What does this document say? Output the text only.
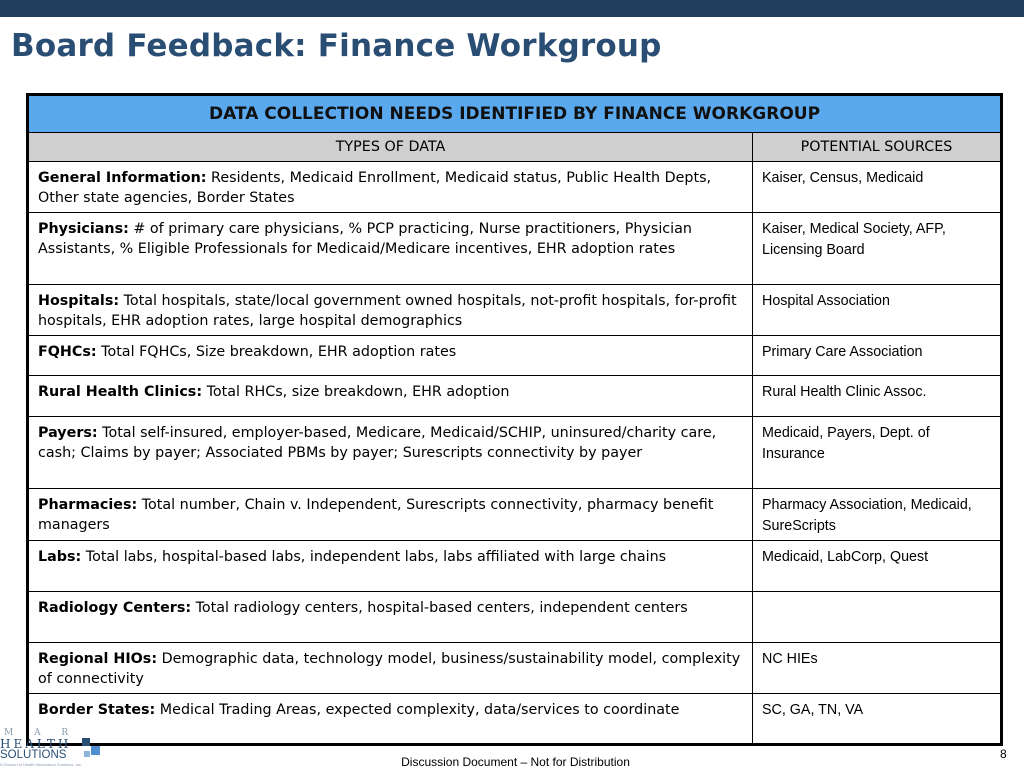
Board Feedback: Finance Workgroup
DATA COLLECTION NEEDS IDENTIFIED BY FINANCE WORKGROUP	
TYPES OF DATA	POTENTIAL SOURCES
General Information: Residents, Medicaid Enrollment, Medicaid status, Public Health Depts, Other state agencies, Border States	Kaiser, Census, Medicaid
Physicians: # of primary care physicians, % PCP practicing, Nurse practitioners, Physician Assistants, % Eligible Professionals for Medicaid/Medicare incentives, EHR adoption rates	Kaiser, Medical Society, AFP, Licensing Board
Hospitals: Total hospitals, state/local government owned hospitals, not-profit hospitals, for-profit hospitals, EHR adoption rates, large hospital demographics	Hospital Association
FQHCs: Total FQHCs, Size breakdown, EHR adoption rates	Primary Care Association
Rural Health Clinics: Total RHCs, size breakdown, EHR adoption	Rural Health Clinic Assoc.
Payers: Total self-insured, employer-based, Medicare, Medicaid/SCHIP, uninsured/charity care, cash; Claims by payer; Associated PBMs by payer; Surescripts connectivity by payer	Medicaid, Payers, Dept. of Insurance
Pharmacies: Total number, Chain v. Independent, Surescripts connectivity, pharmacy benefit managers	Pharmacy Association, Medicaid, SureScripts
Labs: Total labs, hospital-based labs, independent labs, labs affiliated with large chains	Medicaid, LabCorp, Quest
Radiology Centers: Total radiology centers, hospital-based centers, independent centers	
Regional HIOs: Demographic data, technology model, business/sustainability model, complexity of connectivity	NC HIEs
Border States: Medical Trading Areas, expected complexity, data/services to coordinate	SC, GA, TN, VA
M A R
HEALTH
SOLUTIONS
A Division of Health Information Solutions, Inc.	Discussion Document – Not for Distribution
8
